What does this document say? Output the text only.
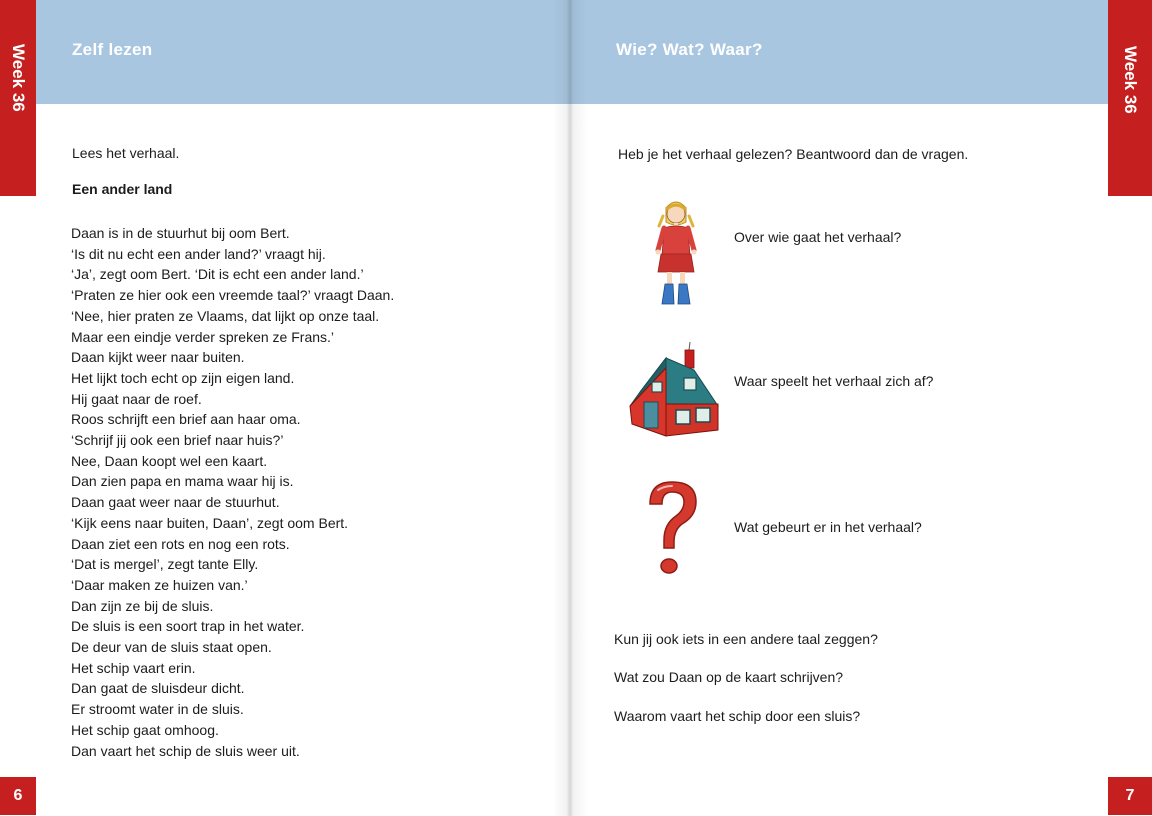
Zelf lezen
Week 36
Lees het verhaal.
Een ander land
Daan is in de stuurhut bij oom Bert.
‘Is dit nu echt een ander land?’ vraagt hij.
‘Ja’, zegt oom Bert. ‘Dit is echt een ander land.’
‘Praten ze hier ook een vreemde taal?’ vraagt Daan.
‘Nee, hier praten ze Vlaams, dat lijkt op onze taal.
Maar een eindje verder spreken ze Frans.’
Daan kijkt weer naar buiten.
Het lijkt toch echt op zijn eigen land.
Hij gaat naar de roef.
Roos schrijft een brief aan haar oma.
‘Schrijf jij ook een brief naar huis?’
Nee, Daan koopt wel een kaart.
Dan zien papa en mama waar hij is.
Daan gaat weer naar de stuurhut.
‘Kijk eens naar buiten, Daan’, zegt oom Bert.
Daan ziet een rots en nog een rots.
‘Dat is mergel’, zegt tante Elly.
‘Daar maken ze huizen van.’
Dan zijn ze bij de sluis.
De sluis is een soort trap in het water.
De deur van de sluis staat open.
Het schip vaart erin.
Dan gaat de sluisdeur dicht.
Er stroomt water in de sluis.
Het schip gaat omhoog.
Dan vaart het schip de sluis weer uit.
6
Wie? Wat? Waar?	Week 36
Heb je het verhaal gelezen? Beantwoord dan de vragen.
Over wie gaat het verhaal?
Waar speelt het verhaal zich af?
Wat gebeurt er in het verhaal?
Kun jij ook iets in een andere taal zeggen?
Wat zou Daan op de kaart schrijven?
Waarom vaart het schip door een sluis?
7
